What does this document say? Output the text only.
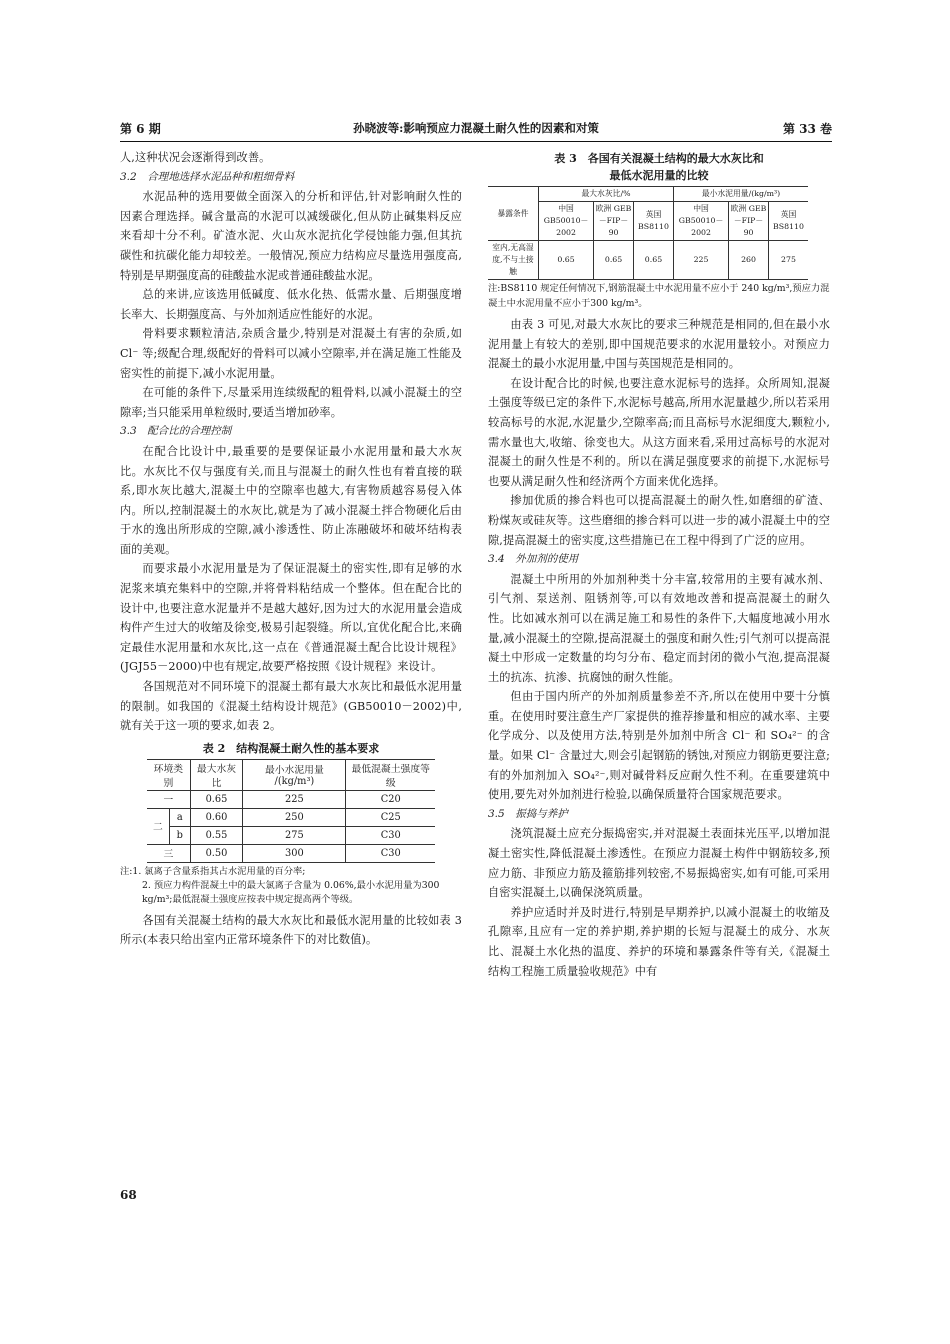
第 6 期	孙晓波等:影响预应力混凝土耐久性的因素和对策	第 33 卷

人,这种状况会逐渐得到改善。

3.2　合理地选择水泥品种和粗细骨料

水泥品种的选用要做全面深入的分析和评估,针对影响耐久性的因素合理选择。碱含量高的水泥可以减缓碳化,但从防止碱集料反应来看却十分不利。矿渣水泥、火山灰水泥抗化学侵蚀能力强,但其抗碳性和抗碳化能力却较差。一般情况,预应力结构应尽量选用强度高,特别是早期强度高的硅酸盐水泥或普通硅酸盐水泥。

总的来讲,应该选用低碱度、低水化热、低需水量、后期强度增长率大、长期强度高、与外加剂适应性能好的水泥。

骨料要求颗粒清洁,杂质含量少,特别是对混凝土有害的杂质,如 Cl⁻ 等;级配合理,级配好的骨料可以减小空隙率,并在满足施工性能及密实性的前提下,减小水泥用量。

在可能的条件下,尽量采用连续级配的粗骨料,以减小混凝土的空隙率;当只能采用单粒级时,要适当增加砂率。

3.3　配合比的合理控制

在配合比设计中,最重要的是要保证最小水泥用量和最大水灰比。水灰比不仅与强度有关,而且与混凝土的耐久性也有着直接的联系,即水灰比越大,混凝土中的空隙率也越大,有害物质越容易侵入体内。所以,控制混凝土的水灰比,就是为了减小混凝土拌合物硬化后由于水的逸出所形成的空隙,减小渗透性、防止冻融破坏和破坏结构表面的美观。

而要求最小水泥用量是为了保证混凝土的密实性,即有足够的水泥浆来填充集料中的空隙,并将骨料粘结成一个整体。但在配合比的设计中,也要注意水泥量并不是越大越好,因为过大的水泥用量会造成构件产生过大的收缩及徐变,极易引起裂缝。所以,宜优化配合比,来确定最佳水泥用量和水灰比,这一点在《普通混凝土配合比设计规程》(JGJ55－2000)中也有规定,故要严格按照《设计规程》来设计。

各国规范对不同环境下的混凝土都有最大水灰比和最低水泥用量的限制。如我国的《混凝土结构设计规范》(GB50010－2002)中,就有关于这一项的要求,如表 2。

表 2　结构混凝土耐久性的基本要求
环境类别		最大水灰比	最小水泥用量 /(kg/m³)	最低混凝土强度等级
一		0.65	225	C20
二	a	0.60	250	C25
	b	0.55	275	C30
三		0.50	300	C30
注:1. 氯离子含量系指其占水泥用量的百分率;
2. 预应力构件混凝土中的最大氯离子含量为 0.06%,最小水泥用量为300 kg/m³;最低混凝土强度应按表中规定提高两个等级。

各国有关混凝土结构的最大水灰比和最低水泥用量的比较如表 3 所示(本表只给出室内正常环境条件下的对比数值)。

表 3　各国有关混凝土结构的最大水灰比和
最低水泥用量的比较
暴露条件	最大水灰比/%			最小水泥用量/(kg/m³)		
	中国 GB50010－2002	欧洲 GEB－FIP－90	英国 BS8110	中国 GB50010－2002	欧洲 GEB－FIP－90	英国 BS8110
室内,无高湿度,不与土接触	0.65	0.65	0.65	225	260	275
注:BS8110 规定任何情况下,钢筋混凝土中水泥用量不应小于 240 kg/m³,预应力混凝土中水泥用量不应小于300 kg/m³。

由表 3 可见,对最大水灰比的要求三种规范是相同的,但在最小水泥用量上有较大的差别,即中国规范要求的水泥用量较小。对预应力混凝土的最小水泥用量,中国与英国规范是相同的。

在设计配合比的时候,也要注意水泥标号的选择。众所周知,混凝土强度等级已定的条件下,水泥标号越高,所用水泥量越少,所以若采用较高标号的水泥,水泥量少,空隙率高;而且高标号水泥细度大,颗粒小,需水量也大,收缩、徐变也大。从这方面来看,采用过高标号的水泥对混凝土的耐久性是不利的。所以在满足强度要求的前提下,水泥标号也要从满足耐久性和经济两个方面来优化选择。

掺加优质的掺合料也可以提高混凝土的耐久性,如磨细的矿渣、粉煤灰或硅灰等。这些磨细的掺合料可以进一步的减小混凝土中的空隙,提高混凝土的密实度,这些措施已在工程中得到了广泛的应用。

3.4　外加剂的使用

混凝土中所用的外加剂种类十分丰富,较常用的主要有减水剂、引气剂、泵送剂、阻锈剂等,可以有效地改善和提高混凝土的耐久性。比如减水剂可以在满足施工和易性的条件下,大幅度地减小用水量,减小混凝土的空隙,提高混凝土的强度和耐久性;引气剂可以提高混凝土中形成一定数量的均匀分布、稳定而封闭的微小气泡,提高混凝土的抗冻、抗渗、抗腐蚀的耐久性能。

但由于国内所产的外加剂质量参差不齐,所以在使用中要十分慎重。在使用时要注意生产厂家提供的推荐掺量和相应的减水率、主要化学成分、以及使用方法,特别是外加剂中所含 Cl⁻ 和 SO₄²⁻ 的含量。如果 Cl⁻ 含量过大,则会引起钢筋的锈蚀,对预应力钢筋更要注意;有的外加剂加入 SO₄²⁻,则对碱骨料反应耐久性不利。在重要建筑中使用,要先对外加剂进行检验,以确保质量符合国家规范要求。

3.5　振捣与养护

浇筑混凝土应充分振捣密实,并对混凝土表面抹光压平,以增加混凝土密实性,降低混凝土渗透性。在预应力混凝土构件中钢筋较多,预应力筋、非预应力筋及箍筋排列较密,不易振捣密实,如有可能,可采用自密实混凝土,以确保浇筑质量。

养护应适时并及时进行,特别是早期养护,以减小混凝土的收缩及孔隙率,且应有一定的养护期,养护期的长短与混凝土的成分、水灰比、混凝土水化热的温度、养护的环境和暴露条件等有关,《混凝土结构工程施工质量验收规范》中有

68
